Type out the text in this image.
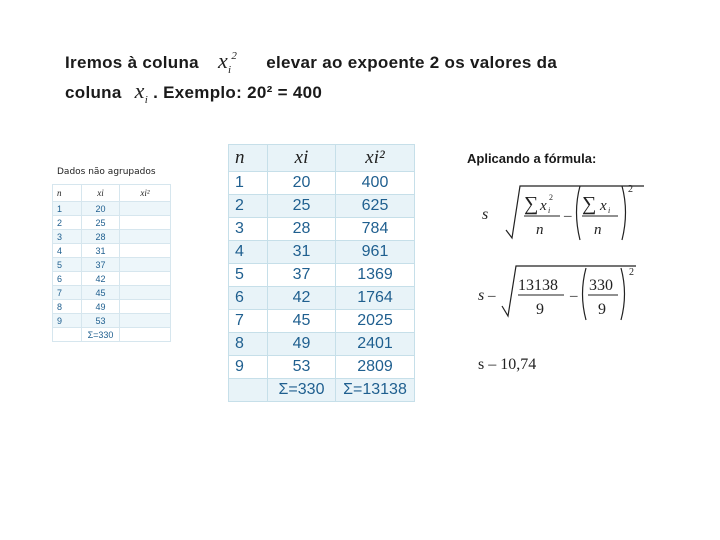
Iremos à coluna $x_i^2$ elevar ao expoente 2 os valores da
coluna $x_i$ . Exemplo: 20² = 400
Dados não agrupados
n	xi	xi²
1	20	
2	25	
3	28	
4	31	
5	37	
6	42	
7	45	
8	49	
9	53	
	Σ=330	
n	xi	xi²
1	20	400
2	25	625
3	28	784
4	31	961
5	37	1369
6	42	1764
7	45	2025
8	49	2401
9	53	2809
	Σ=330	Σ=13138
Aplicando a fórmula:
s ∑ x i
2
n
–
∑ x i
n
2
s –
13138
9
–
330
9
2
s – 10,74
